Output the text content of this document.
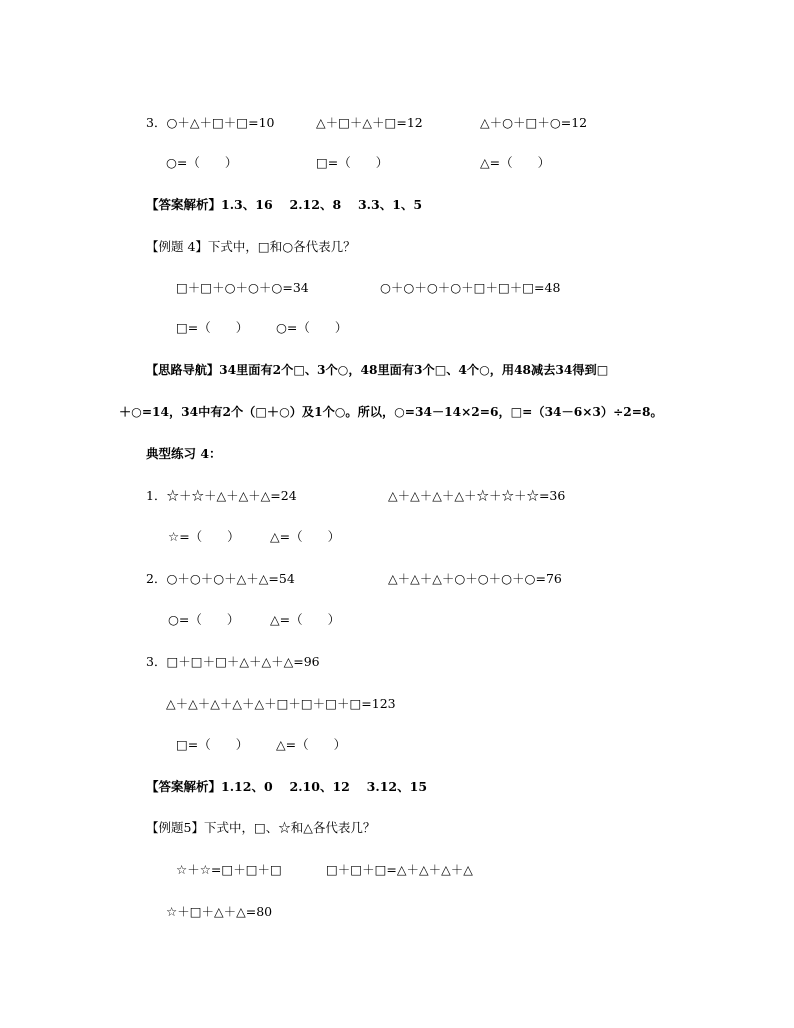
3．○＋△＋□＋□=10	△＋□＋△＋□=12	△＋○＋□＋○=12
○=（　　）	□=（　　）	△=（　　）
【答案解析】1.3、16　 2.12、8　 3.3、1、5
【例题 4】下式中，□和○各代表几？
□＋□＋○＋○＋○=34	○＋○＋○＋○＋□＋□＋□=48
□=（　　） ○=（　　）
【思路导航】34里面有2个□、3个○，48里面有3个□、4个○，用48减去34得到□
＋○=14，34中有2个（□＋○）及1个○。所以，○=34－14×2=6，□=（34－6×3）÷2=8。
典型练习 4：
1．☆＋☆＋△＋△＋△=24	△＋△＋△＋△＋☆＋☆＋☆=36
☆=（　　） △=（　　）
2．○＋○＋○＋△＋△=54	△＋△＋△＋○＋○＋○＋○=76
○=（　　） △=（　　）
3．□＋□＋□＋△＋△＋△=96
△＋△＋△＋△＋△＋□＋□＋□＋□=123
□=（　　） △=（　　）
【答案解析】1.12、0　 2.10、12　 3.12、15
【例题5】下式中，□、☆和△各代表几？
☆＋☆=□＋□＋□	□＋□＋□=△＋△＋△＋△
☆＋□＋△＋△=80
